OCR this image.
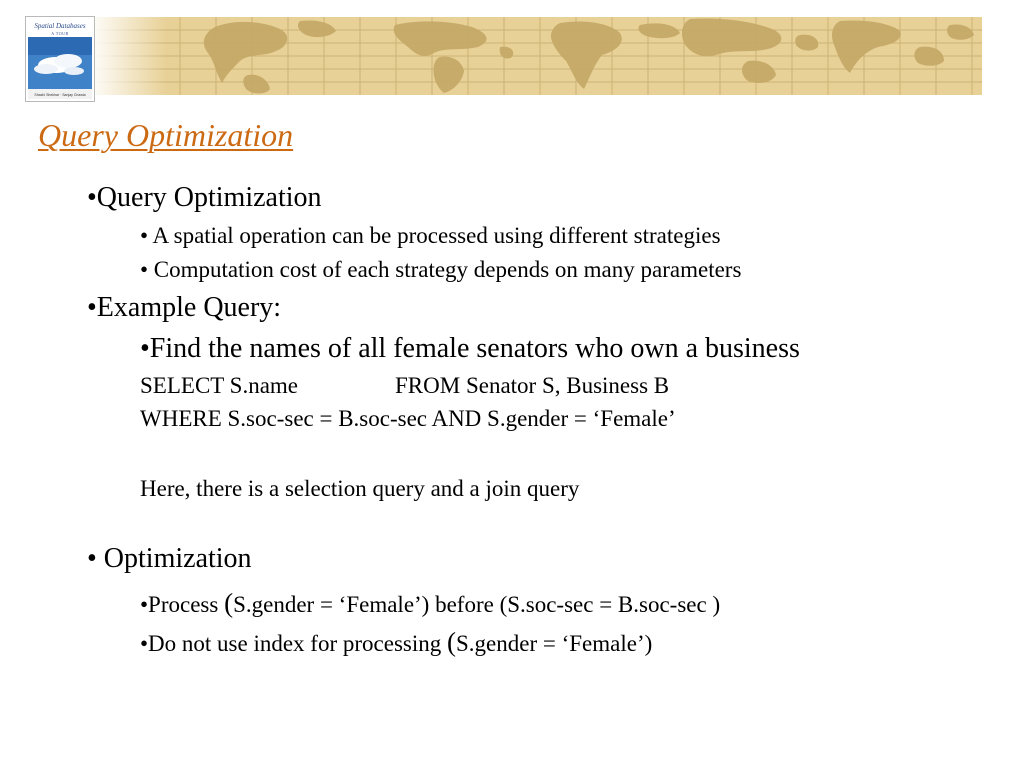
Spatial Databases
A TOUR
Shashi Shekhar · Sanjay Chawla
Query Optimization

•Query Optimization

• A spatial operation can be processed using different strategies

• Computation cost of each strategy depends on many parameters

•Example Query:

•Find the names of all female senators who own a business

SELECT S.name	FROM Senator S, Business B

WHERE S.soc-sec = B.soc-sec AND S.gender = ‘Female’

Here, there is a selection query and a join query

• Optimization

•Process (S.gender = ‘Female’) before (S.soc-sec = B.soc-sec )

•Do not use index for processing (S.gender = ‘Female’)
